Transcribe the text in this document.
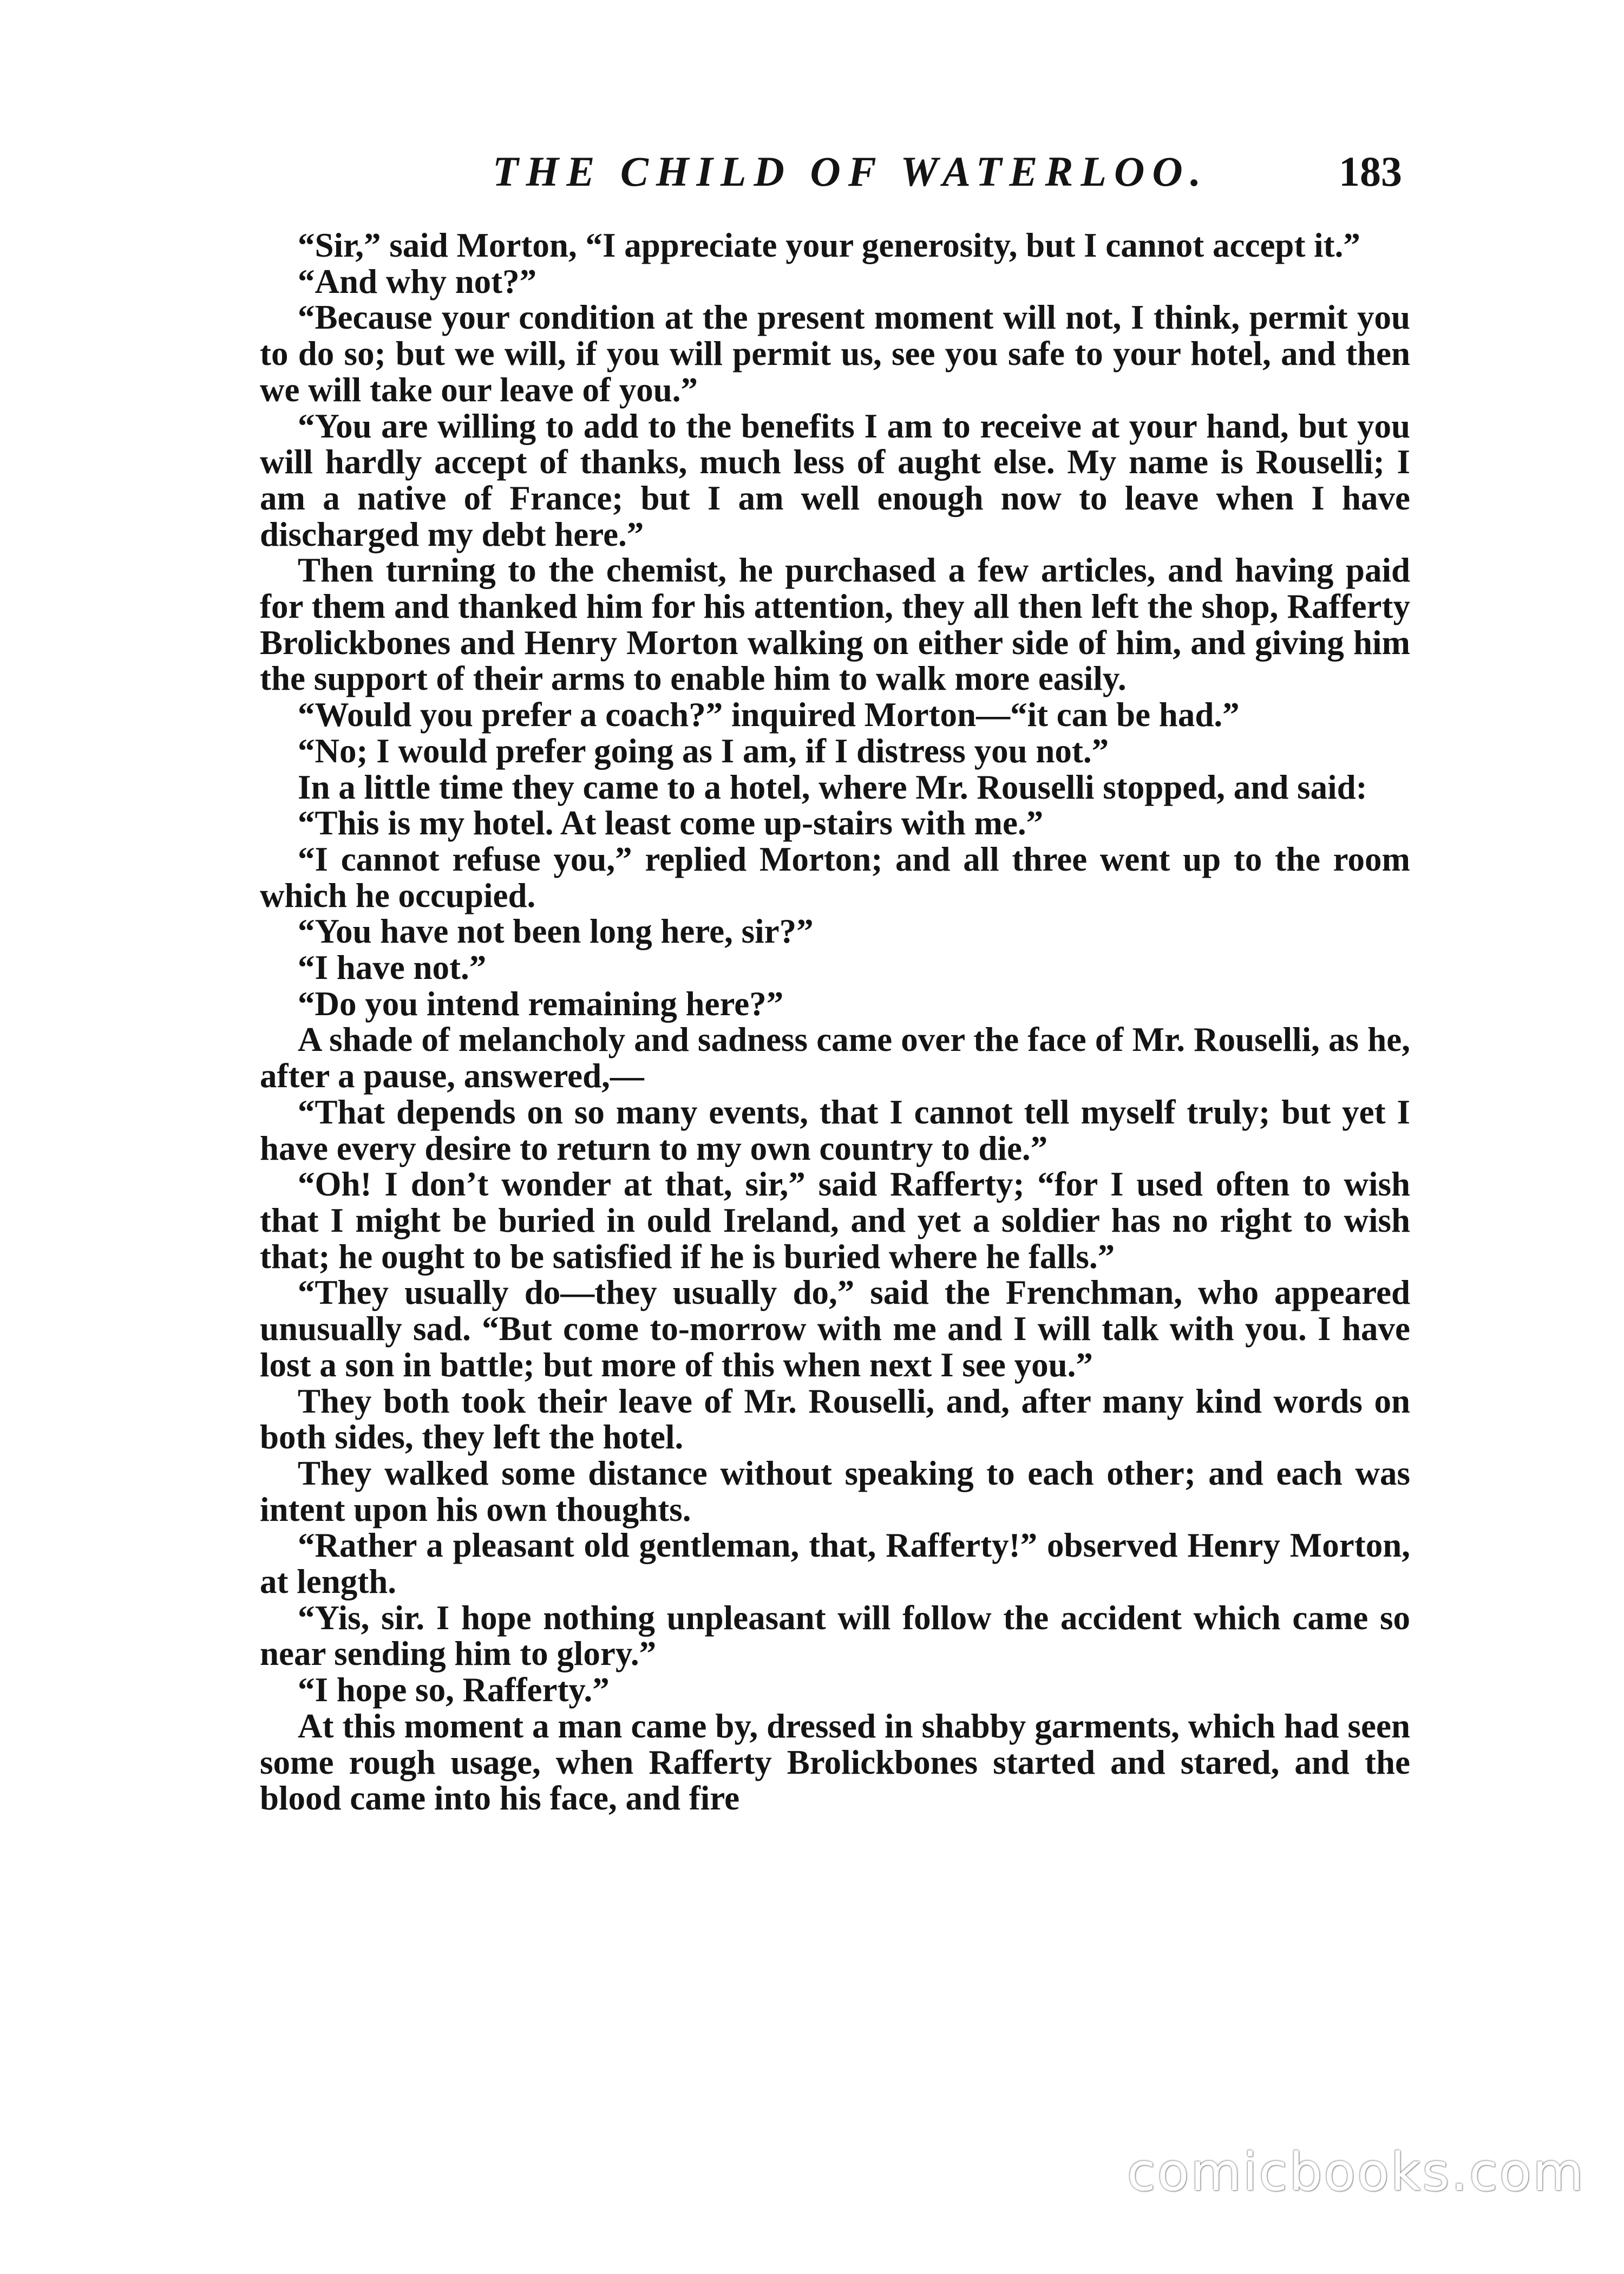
THE CHILD OF WATERLOO.	183

“Sir,” said Morton, “I appreciate your generosity, but I cannot accept it.”

“And why not?”

“Because your condition at the present moment will not, I think, permit you to do so; but we will, if you will permit us, see you safe to your hotel, and then we will take our leave of you.”

“You are willing to add to the benefits I am to receive at your hand, but you will hardly accept of thanks, much less of aught else. My name is Rouselli; I am a native of France; but I am well enough now to leave when I have discharged my debt here.”

Then turning to the chemist, he purchased a few articles, and having paid for them and thanked him for his attention, they all then left the shop, Rafferty Brolickbones and Henry Morton walking on either side of him, and giving him the support of their arms to enable him to walk more easily.

“Would you prefer a coach?” inquired Morton—“it can be had.”

“No; I would prefer going as I am, if I distress you not.”

In a little time they came to a hotel, where Mr. Rouselli stopped, and said:

“This is my hotel. At least come up-stairs with me.”

“I cannot refuse you,” replied Morton; and all three went up to the room which he occupied.

“You have not been long here, sir?”

“I have not.”

“Do you intend remaining here?”

A shade of melancholy and sadness came over the face of Mr. Rouselli, as he, after a pause, answered,—

“That depends on so many events, that I cannot tell myself truly; but yet I have every desire to return to my own country to die.”

“Oh! I don’t wonder at that, sir,” said Rafferty; “for I used often to wish that I might be buried in ould Ireland, and yet a soldier has no right to wish that; he ought to be satisfied if he is buried where he falls.”

“They usually do—they usually do,” said the Frenchman, who appeared unusually sad. “But come to-morrow with me and I will talk with you. I have lost a son in battle; but more of this when next I see you.”

They both took their leave of Mr. Rouselli, and, after many kind words on both sides, they left the hotel.

They walked some distance without speaking to each other; and each was intent upon his own thoughts.

“Rather a pleasant old gentleman, that, Rafferty!” observed Henry Morton, at length.

“Yis, sir. I hope nothing unpleasant will follow the accident which came so near sending him to glory.”

“I hope so, Rafferty.”

At this moment a man came by, dressed in shabby garments, which had seen some rough usage, when Rafferty Brolickbones started and stared, and the blood came into his face, and fire

comicbooks.com
